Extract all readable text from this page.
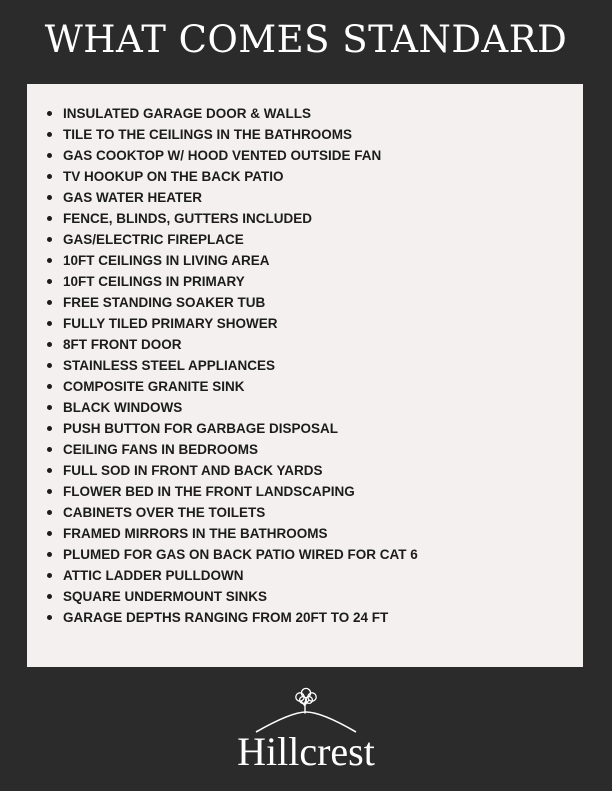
WHAT COMES STANDARD
INSULATED GARAGE DOOR & WALLS
TILE TO THE CEILINGS IN THE BATHROOMS
GAS COOKTOP W/ HOOD VENTED OUTSIDE FAN
TV HOOKUP ON THE BACK PATIO
GAS WATER HEATER
FENCE, BLINDS, GUTTERS INCLUDED
GAS/ELECTRIC FIREPLACE
10FT CEILINGS IN LIVING AREA
10FT CEILINGS IN PRIMARY
FREE STANDING SOAKER TUB
FULLY TILED PRIMARY SHOWER
8FT FRONT DOOR
STAINLESS STEEL APPLIANCES
COMPOSITE GRANITE SINK
BLACK WINDOWS
PUSH BUTTON FOR GARBAGE DISPOSAL
CEILING FANS IN BEDROOMS
FULL SOD IN FRONT AND BACK YARDS
FLOWER BED IN THE FRONT LANDSCAPING
CABINETS OVER THE TOILETS
FRAMED MIRRORS IN THE BATHROOMS
PLUMED FOR GAS ON BACK PATIO WIRED FOR CAT 6
ATTIC LADDER PULLDOWN
SQUARE UNDERMOUNT SINKS
GARAGE DEPTHS RANGING FROM 20FT TO 24 FT
Hillcrest
